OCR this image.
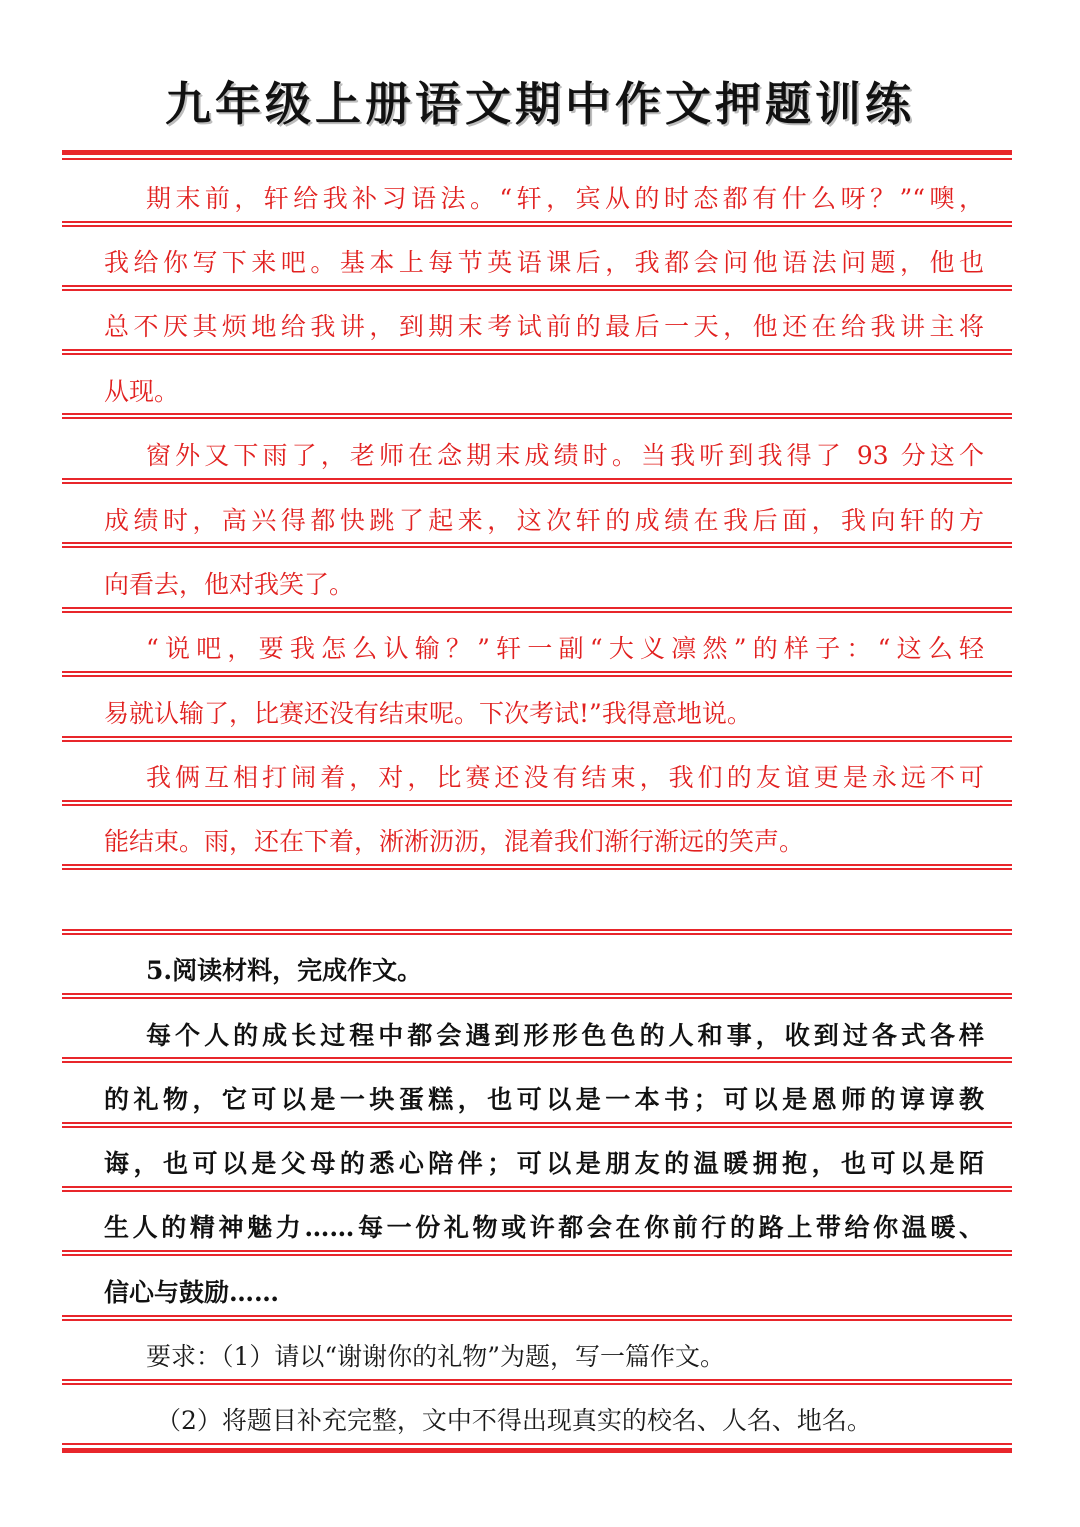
九年级上册语文期中作文押题训练
期末前，轩给我补习语法。“轩，宾从的时态都有什么呀？”“噢，
我给你写下来吧。基本上每节英语课后，我都会问他语法问题，他也
总不厌其烦地给我讲，到期末考试前的最后一天，他还在给我讲主将
从现。
窗外又下雨了，老师在念期末成绩时。当我听到我得了 93 分这个
成绩时，高兴得都快跳了起来，这次轩的成绩在我后面，我向轩的方
向看去，他对我笑了。
“说吧，要我怎么认输？”轩一副“大义凛然”的样子：“这么轻
易就认输了，比赛还没有结束呢。下次考试!”我得意地说。
我俩互相打闹着，对，比赛还没有结束，我们的友谊更是永远不可
能结束。雨，还在下着，淅淅沥沥，混着我们渐行渐远的笑声。
5.阅读材料，完成作文。
每个人的成长过程中都会遇到形形色色的人和事，收到过各式各样
的礼物，它可以是一块蛋糕，也可以是一本书；可以是恩师的谆谆教
诲，也可以是父母的悉心陪伴；可以是朋友的温暖拥抱，也可以是陌
生人的精神魅力……每一份礼物或许都会在你前行的路上带给你温暖、
信心与鼓励……
要求：（1）请以“谢谢你的礼物”为题，写一篇作文。
（2）将题目补充完整，文中不得出现真实的校名、人名、地名。
